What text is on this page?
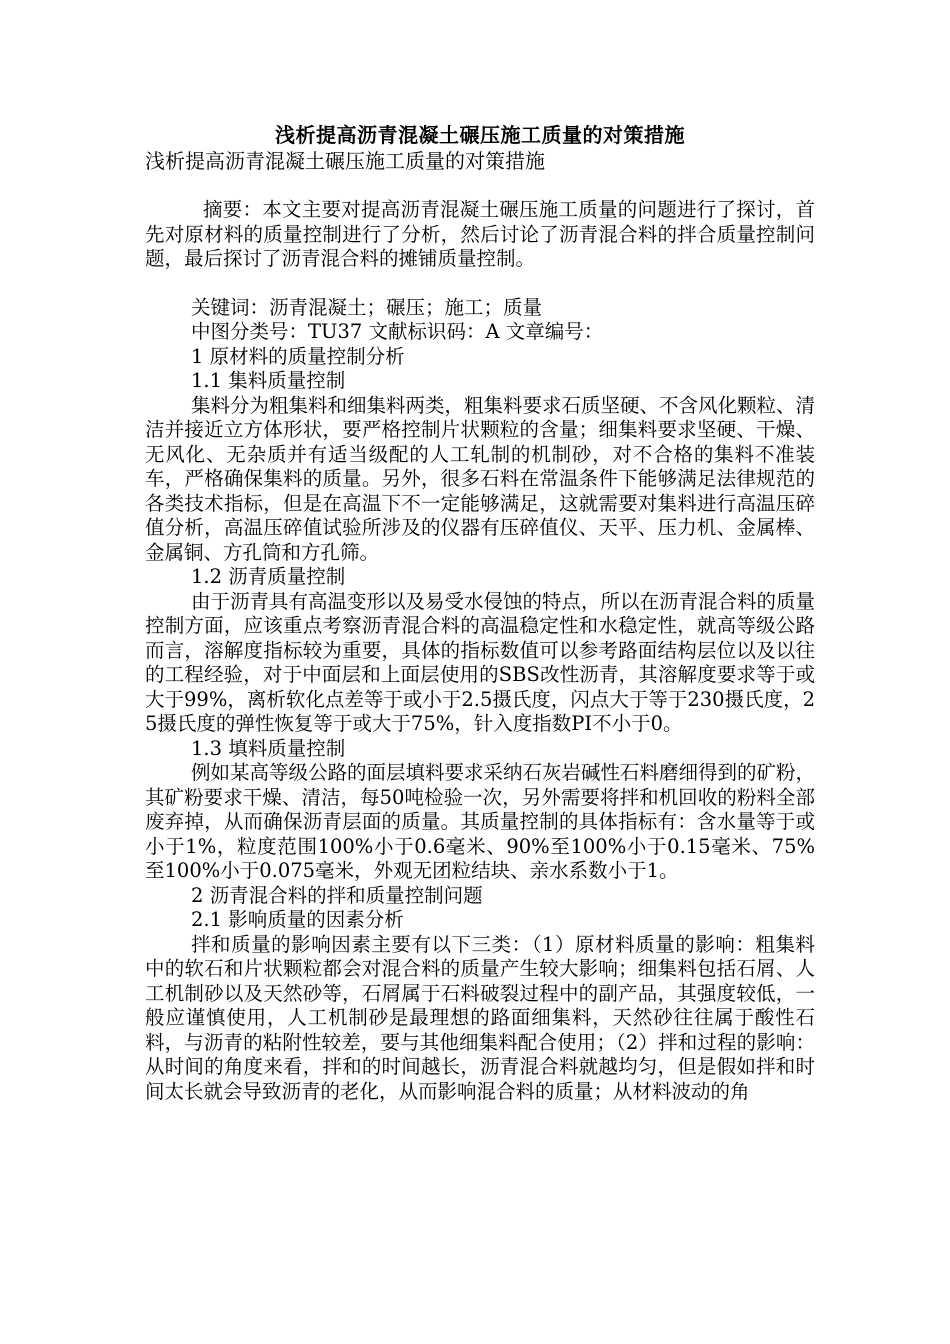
浅析提高沥青混凝土碾压施工质量的对策措施
浅析提高沥青混凝土碾压施工质量的对策措施

摘要：本文主要对提高沥青混凝土碾压施工质量的问题进行了探讨，首先对原材料的质量控制进行了分析，然后讨论了沥青混合料的拌合质量控制问题，最后探讨了沥青混合料的摊铺质量控制。

关键词：沥青混凝土；碾压；施工；质量
中图分类号：TU37 文献标识码：A 文章编号：
1 原材料的质量控制分析
1.1 集料质量控制

集料分为粗集料和细集料两类，粗集料要求石质坚硬、不含风化颗粒、清洁并接近立方体形状，要严格控制片状颗粒的含量；细集料要求坚硬、干燥、无风化、无杂质并有适当级配的人工轧制的机制砂，对不合格的集料不准装车，严格确保集料的质量。另外，很多石料在常温条件下能够满足法律规范的各类技术指标，但是在高温下不一定能够满足，这就需要对集料进行高温压碎值分析，高温压碎值试验所涉及的仪器有压碎值仪、天平、压力机、金属棒、金属铜、方孔筒和方孔筛。

1.2 沥青质量控制

由于沥青具有高温变形以及易受水侵蚀的特点，所以在沥青混合料的质量控制方面，应该重点考察沥青混合料的高温稳定性和水稳定性，就高等级公路而言，溶解度指标较为重要，具体的指标数值可以参考路面结构层位以及以往的工程经验，对于中面层和上面层使用的SBS改性沥青，其溶解度要求等于或大于99%，离析软化点差等于或小于2.5摄氏度，闪点大于等于230摄氏度，25摄氏度的弹性恢复等于或大于75%，针入度指数PI不小于0。

1.3 填料质量控制

例如某高等级公路的面层填料要求采纳石灰岩碱性石料磨细得到的矿粉，其矿粉要求干燥、清洁，每50吨检验一次，另外需要将拌和机回收的粉料全部废弃掉，从而确保沥青层面的质量。其质量控制的具体指标有：含水量等于或小于1%，粒度范围100%小于0.6毫米、90%至100%小于0.15毫米、75%至100%小于0.075毫米，外观无团粒结块、亲水系数小于1。

2 沥青混合料的拌和质量控制问题
2.1 影响质量的因素分析

拌和质量的影响因素主要有以下三类：（1）原材料质量的影响：粗集料中的软石和片状颗粒都会对混合料的质量产生较大影响；细集料包括石屑、人工机制砂以及天然砂等，石屑属于石料破裂过程中的副产品，其强度较低，一般应谨慎使用，人工机制砂是最理想的路面细集料，天然砂往往属于酸性石料，与沥青的粘附性较差，要与其他细集料配合使用；（2）拌和过程的影响：从时间的角度来看，拌和的时间越长，沥青混合料就越均匀，但是假如拌和时间太长就会导致沥青的老化，从而影响混合料的质量；从材料波动的角
